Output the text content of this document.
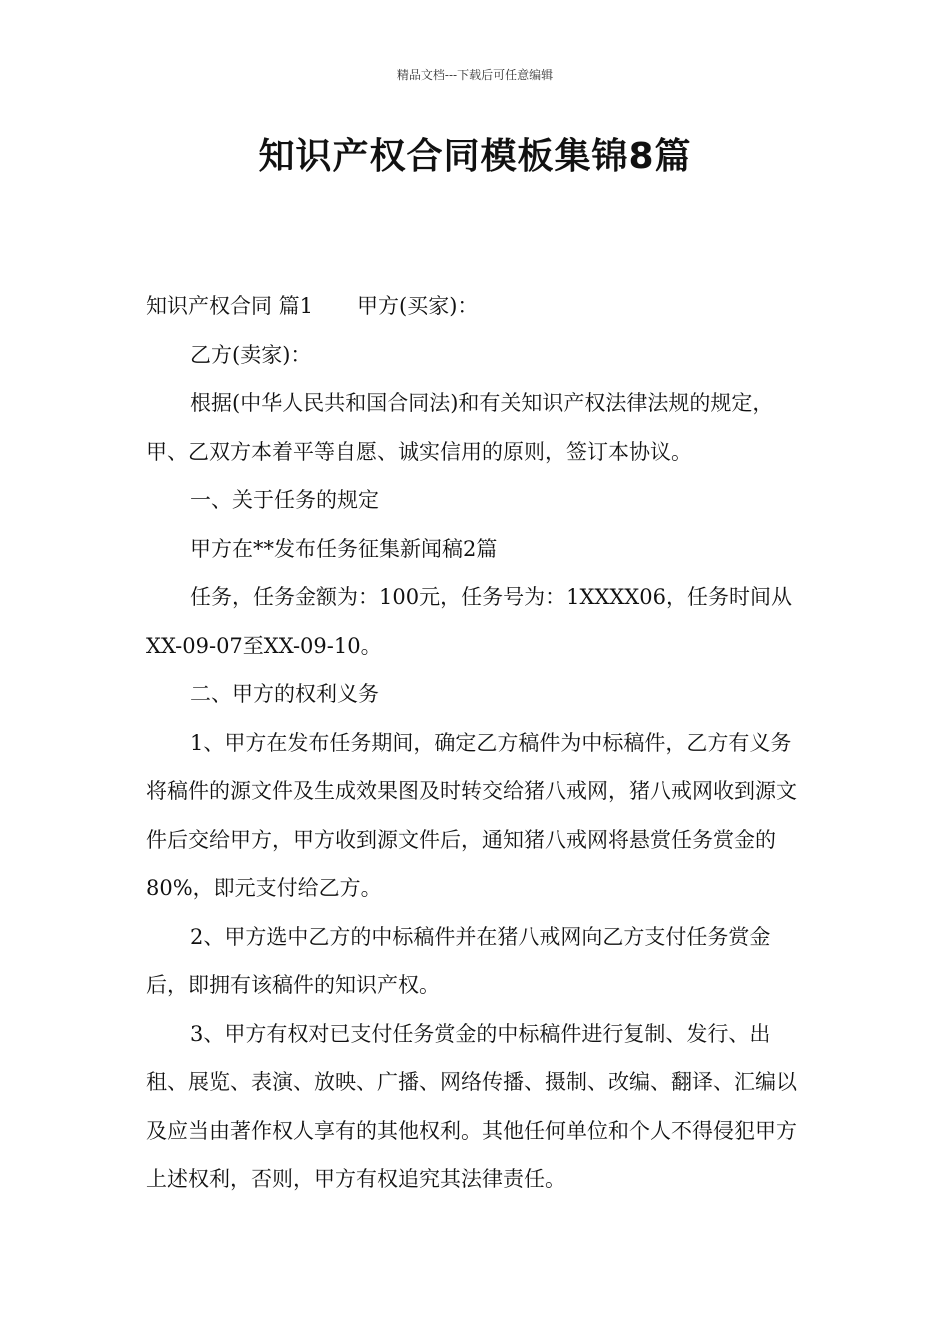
精品文档---下载后可任意编辑
知识产权合同模板集锦8篇

知识产权合同 篇1 甲方(买家)：

乙方(卖家)：

根据(中华人民共和国合同法)和有关知识产权法律法规的规定，甲、乙双方本着平等自愿、诚实信用的原则，签订本协议。

一、关于任务的规定

甲方在**发布任务征集新闻稿2篇

任务，任务金额为：100元，任务号为：1XXXX06，任务时间从XX-09-07至XX-09-10。

二、甲方的权利义务

1、甲方在发布任务期间，确定乙方稿件为中标稿件，乙方有义务将稿件的源文件及生成效果图及时转交给猪八戒网，猪八戒网收到源文件后交给甲方，甲方收到源文件后，通知猪八戒网将悬赏任务赏金的80%，即元支付给乙方。

2、甲方选中乙方的中标稿件并在猪八戒网向乙方支付任务赏金后，即拥有该稿件的知识产权。

3、甲方有权对已支付任务赏金的中标稿件进行复制、发行、出租、展览、表演、放映、广播、网络传播、摄制、改编、翻译、汇编以及应当由著作权人享有的其他权利。其他任何单位和个人不得侵犯甲方上述权利，否则，甲方有权追究其法律责任。
